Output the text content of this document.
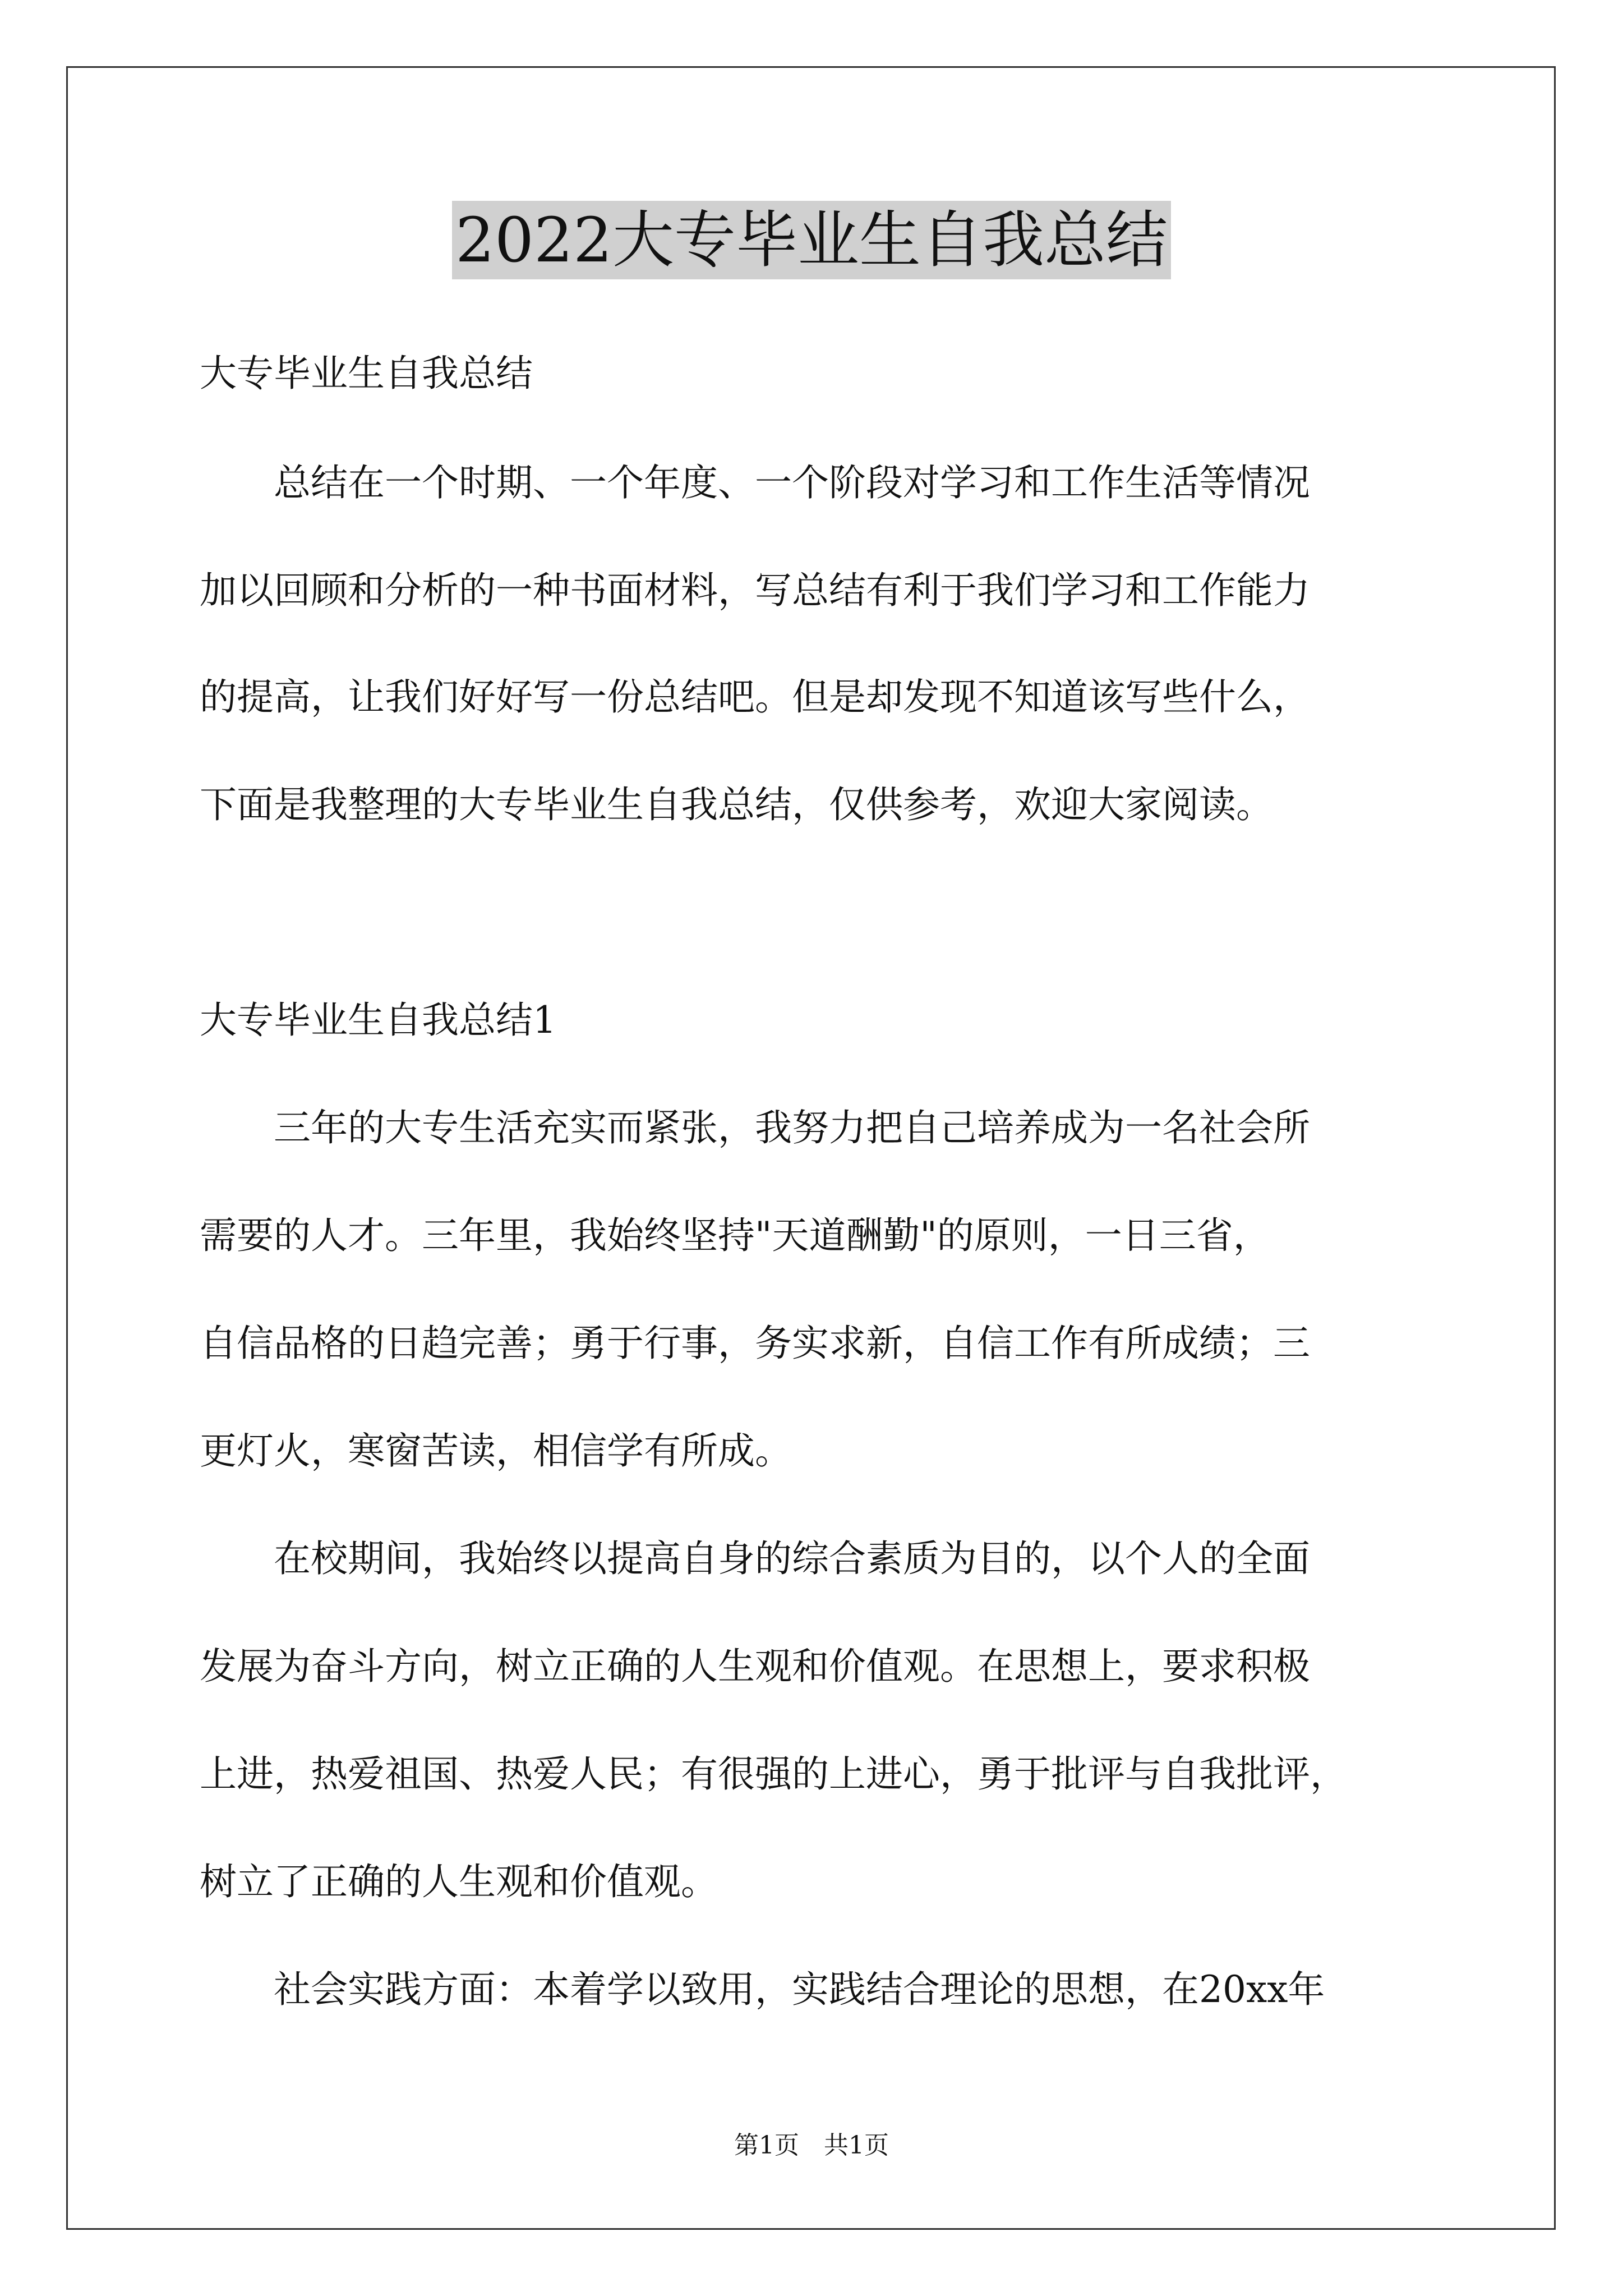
2022大专毕业生自我总结

大专毕业生自我总结

　　总结在一个时期、一个年度、一个阶段对学习和工作生活等情况

加以回顾和分析的一种书面材料，写总结有利于我们学习和工作能力

的提高，让我们好好写一份总结吧。但是却发现不知道该写些什么，

下面是我整理的大专毕业生自我总结，仅供参考，欢迎大家阅读。

大专毕业生自我总结1

　　三年的大专生活充实而紧张，我努力把自己培养成为一名社会所

需要的人才。三年里，我始终坚持"天道酬勤"的原则，一日三省，

自信品格的日趋完善；勇于行事，务实求新，自信工作有所成绩；三

更灯火，寒窗苦读，相信学有所成。

　　在校期间，我始终以提高自身的综合素质为目的，以个人的全面

发展为奋斗方向，树立正确的人生观和价值观。在思想上，要求积极

上进，热爱祖国、热爱人民；有很强的上进心，勇于批评与自我批评，

树立了正确的人生观和价值观。

　　社会实践方面：本着学以致用，实践结合理论的思想，在20xx年

第1页　共1页
